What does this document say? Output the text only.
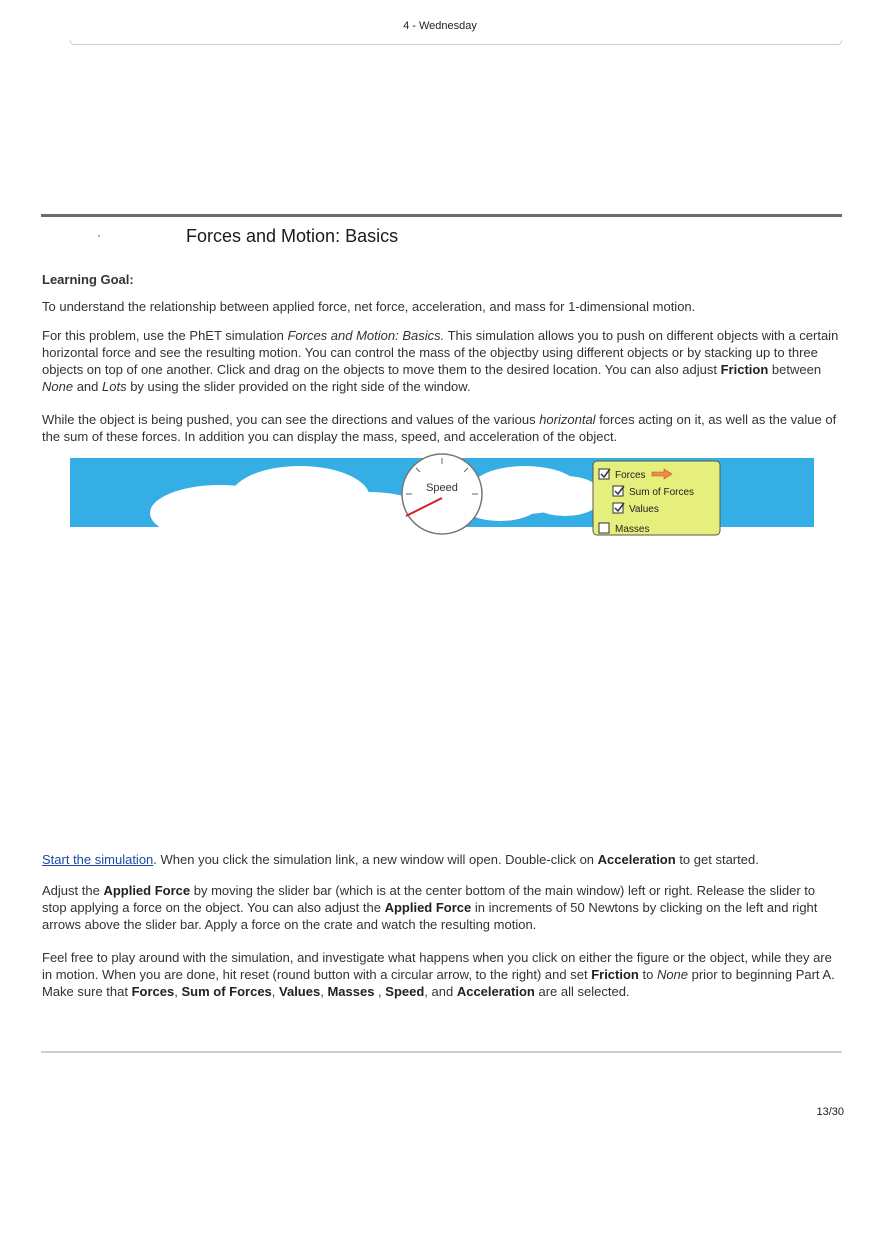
4 - Wednesday
·	Forces and Motion: Basics
Learning Goal:

To understand the relationship between applied force, net force, acceleration, and mass for 1-dimensional motion.

For this problem, use the PhET simulation Forces and Motion: Basics. This simulation allows you to push on different objects with a certain horizontal force and see the resulting motion. You can control the mass of the objectby using different objects or by stacking up to three objects on top of one another. Click and drag on the objects to move them to the desired location. You can also adjust Friction between None and Lots by using the slider provided on the right side of the window.

While the object is being pushed, you can see the directions and values of the various horizontal forces acting on it, as well as the value of the sum of these forces. In addition you can display the mass, speed, and acceleration of the object.

Speed
Forces
Sum of Forces
Values
Masses

Start the simulation. When you click the simulation link, a new window will open. Double-click on Acceleration to get started.

Adjust the Applied Force by moving the slider bar (which is at the center bottom of the main window) left or right. Release the slider to stop applying a force on the object. You can also adjust the Applied Force in increments of 50 Newtons by clicking on the left and right arrows above the slider bar. Apply a force on the crate and watch the resulting motion.

Feel free to play around with the simulation, and investigate what happens when you click on either the figure or the object, while they are in motion. When you are done, hit reset (round button with a circular arrow, to the right) and set Friction to None prior to beginning Part A. Make sure that Forces, Sum of Forces, Values, Masses , Speed, and Acceleration are all selected.

13/30
